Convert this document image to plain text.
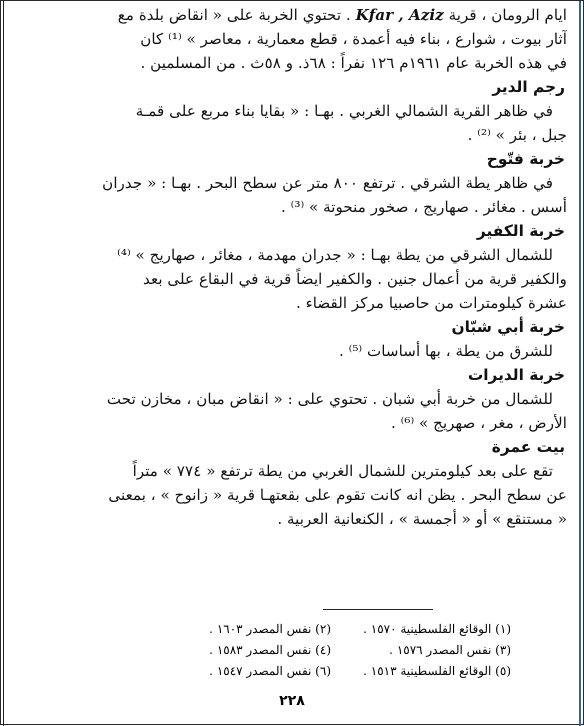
ايام الرومان ، قرية Kfar , Aziz . تحتوي الخربة على « انقاض بلدة مع
آثار بيوت ، شوارع ، بناء فيه أعمدة ، قطع معمارية ، معاصر » ⁽¹⁾ كان
في هذه الخربة عام ١٩٦١م ١٢٦ نفراً : ٦٨ذ. و ٥٨ث . من المسلمين .
رجم الدير
في ظاهر القرية الشمالي الغربي . بهـا : « بقايا بناء مربع على قمـة
جبل ، بئر » ⁽²⁾ .
خربة فتّوح
في ظاهر يطة الشرقي . ترتفع ٨٠٠ متر عن سطح البحر . بهـا : « جدران
أسس . مغائر . صهاريج ، صخور منحوتة » ⁽³⁾ .
خربة الكفير
للشمال الشرقي من يطة بهـا : « جدران مهدمة ، مغائر ، صهاريج » ⁽⁴⁾
والكفير قرية من أعمال جنين . والكفير ايضاً قرية في البقاع على بعد
عشرة كيلومترات من حاصبيا مركز القضاء .
خربة أبي شبّان
للشرق من يطة ، بها أساسات ⁽⁵⁾ .
خربة الديرات
للشمال من خربة أبي شبان . تحتوي على : « انقاض مبان ، مخازن تحت
الأرض ، مغر ، صهريج » ⁽⁶⁾ .
بيت عمرة
تقع على بعد كيلومترين للشمال الغربي من يطة ترتفع « ٧٧٤ » متراً
عن سطح البحر . يظن انه كانت تقوم على بقعتهـا قرية « زانوح » ، بمعنى
« مستنقع » أو « أجمسة » ، الكنعانية العربية .
(١) الوقائع الفلسطينية ١٥٧٠ .
(٢) نفس المصدر ١٦٠٣ .
(٣) نفس المصدر ١٥٧٦ .
(٤) نفس المصدر ١٥٨٣ .
(٥) الوقائع الفلسطينية ١٥١٣ .
(٦) نفس المصدر ١٥٤٧ .
٢٢٨
